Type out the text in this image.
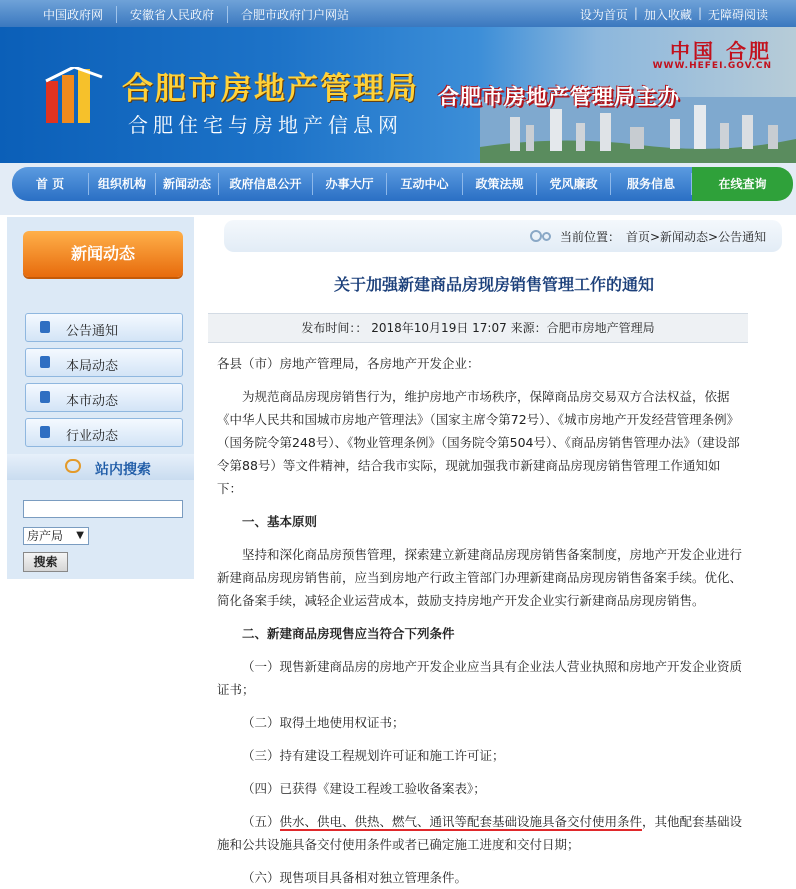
中国政府网	安徽省人民政府	合肥市政府门户网站	设为首页 | 加入收藏 | 无障碍阅读
合肥市房地产管理局
合肥住宅与房地产信息网
中国 合肥
WWW.HEFEI.GOV.CN
合肥市房地产管理局主办
首 页	组织机构	新闻动态	政府信息公开	办事大厅	互动中心	政策法规	党风廉政	服务信息	在线查询
新闻动态
公告通知
本局动态
本市动态
行业动态
站内搜索
房产局 ▼
搜索
当前位置： 首页>新闻动态>公告通知
关于加强新建商品房现房销售管理工作的通知
发布时间：： 2018年10月19日 17:07 来源：合肥市房地产管理局

各县（市）房地产管理局，各房地产开发企业：

为规范商品房现房销售行为，维护房地产市场秩序，保障商品房交易双方合法权益，依据《中华人民共和国城市房地产管理法》（国家主席令第72号）、《城市房地产开发经营管理条例》（国务院令第248号）、《物业管理条例》（国务院令第504号）、《商品房销售管理办法》（建设部令第88号）等文件精神，结合我市实际，现就加强我市新建商品房现房销售管理工作通知如下：

一、基本原则

坚持和深化商品房预售管理，探索建立新建商品房现房销售备案制度，房地产开发企业进行新建商品房现房销售前，应当到房地产行政主管部门办理新建商品房现房销售备案手续。优化、简化备案手续，减轻企业运营成本，鼓励支持房地产开发企业实行新建商品房现房销售。

二、新建商品房现售应当符合下列条件

（一）现售新建商品房的房地产开发企业应当具有企业法人营业执照和房地产开发企业资质证书；

（二）取得土地使用权证书；

（三）持有建设工程规划许可证和施工许可证；

（四）已获得《建设工程竣工验收备案表》；

（五）供水、供电、供热、燃气、通讯等配套基础设施具备交付使用条件，其他配套基础设施和公共设施具备交付使用条件或者已确定施工进度和交付日期；

（六）现售项目具备相对独立管理条件。
